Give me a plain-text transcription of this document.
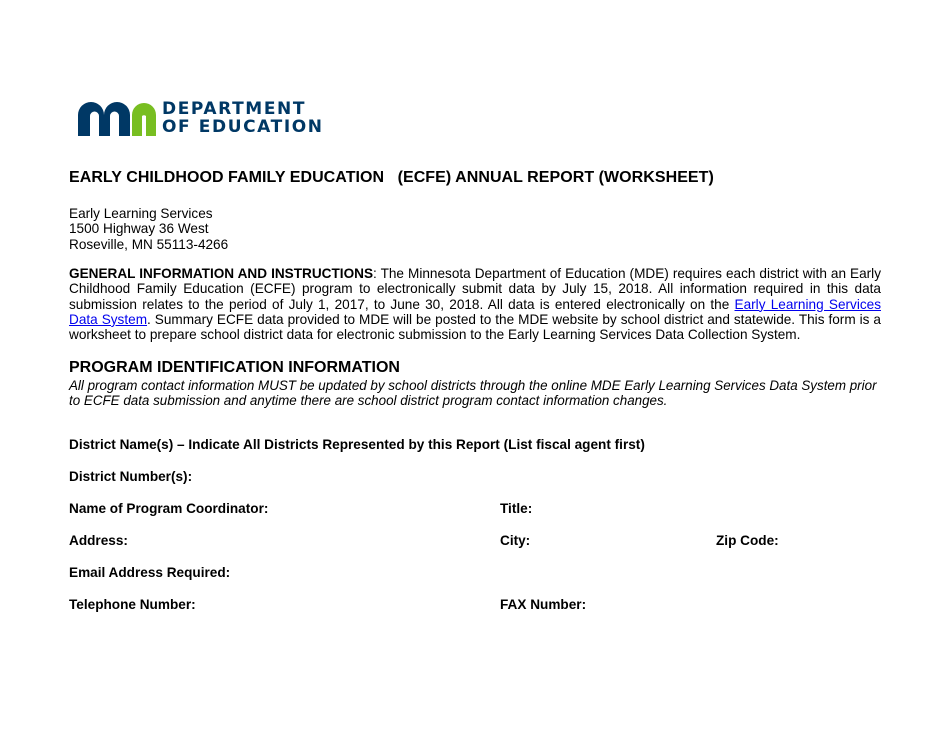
DEPARTMENT
OF EDUCATION
EARLY CHILDHOOD FAMILY EDUCATION   (ECFE) ANNUAL REPORT (WORKSHEET)
Early Learning Services
1500 Highway 36 West
Roseville, MN 55113-4266
GENERAL INFORMATION AND INSTRUCTIONS: The Minnesota Department of Education (MDE) requires each district with an Early Childhood Family Education (ECFE) program to electronically submit data by July 15, 2018. All information required in this data submission relates to the period of July 1, 2017, to June 30, 2018. All data is entered electronically on the Early Learning Services Data System. Summary ECFE data provided to MDE will be posted to the MDE website by school district and statewide. This form is a worksheet to prepare school district data for electronic submission to the Early Learning Services Data Collection System.
PROGRAM IDENTIFICATION INFORMATION
All program contact information MUST be updated by school districts through the online MDE Early Learning Services Data System prior to ECFE data submission and anytime there are school district program contact information changes.
District Name(s) – Indicate All Districts Represented by this Report (List fiscal agent first)
District Number(s):
Name of Program Coordinator:	Title:
Address:	City:	Zip Code:
Email Address Required:
Telephone Number:	FAX Number:
